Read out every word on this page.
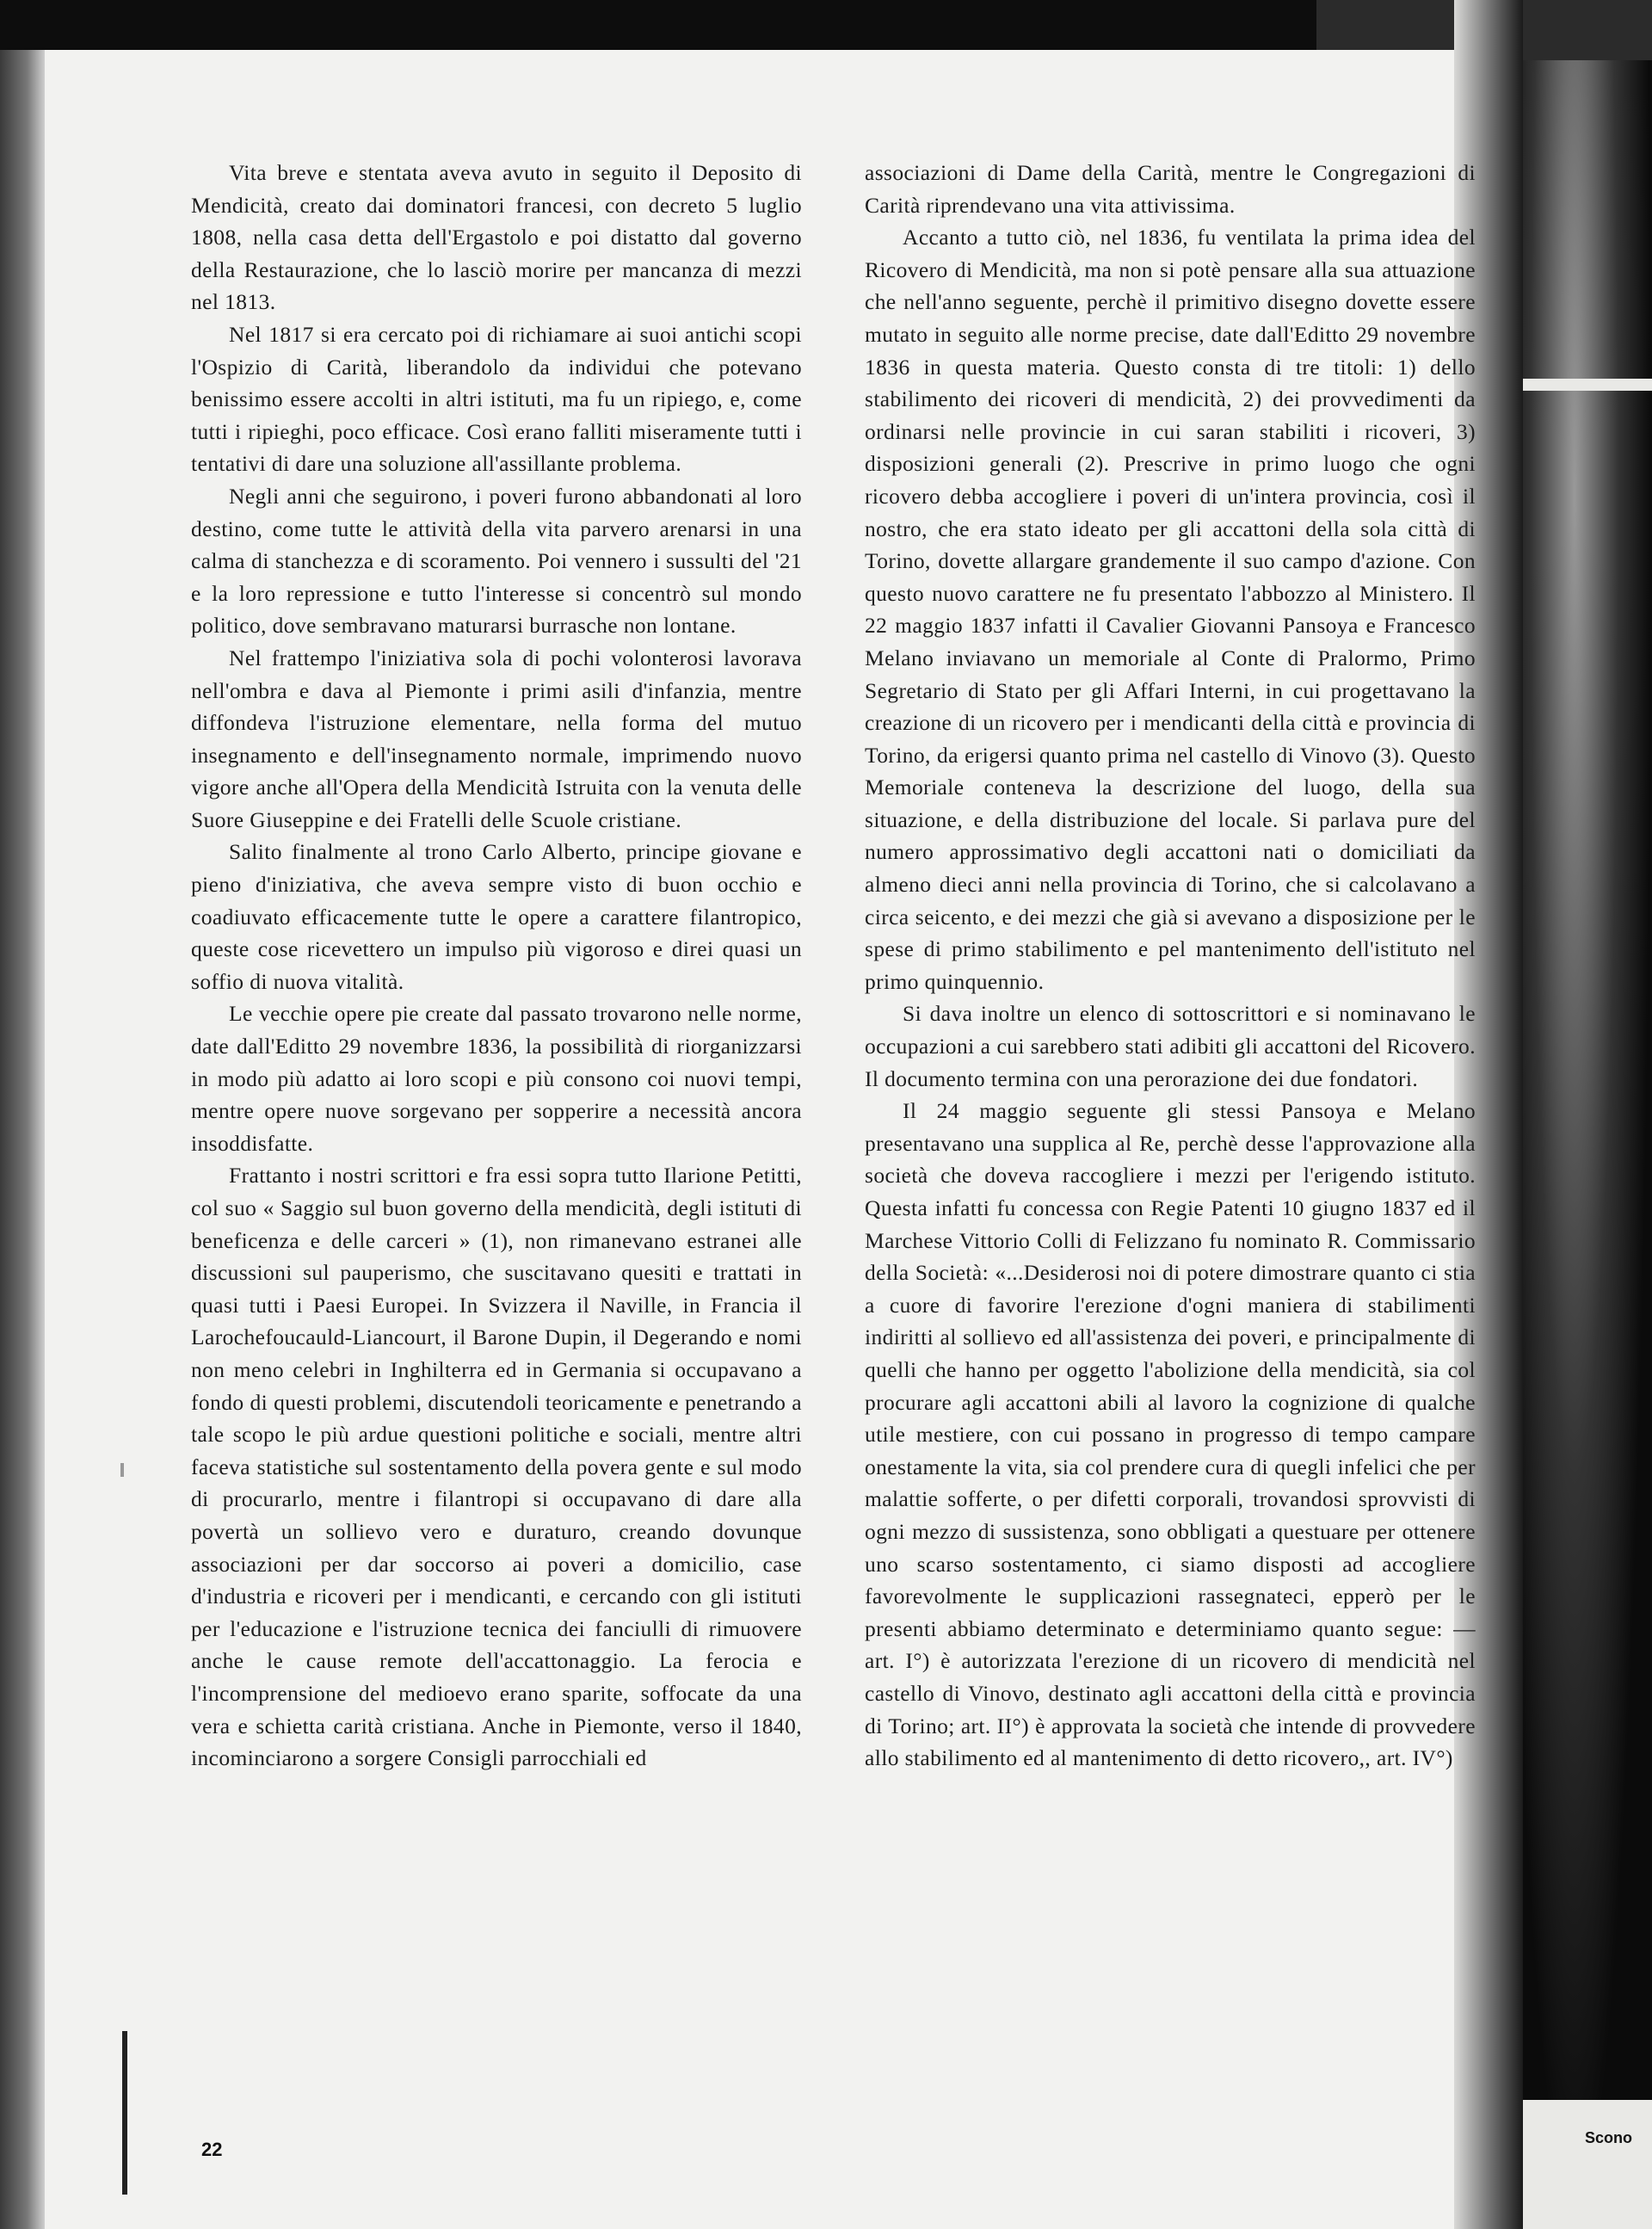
Scono

Vita breve e stentata aveva avuto in seguito il Deposito di Mendicità, creato dai dominatori francesi, con decreto 5 luglio 1808, nella casa detta dell'Ergastolo e poi distatto dal governo della Restaurazione, che lo lasciò morire per mancanza di mezzi nel 1813.

Nel 1817 si era cercato poi di richiamare ai suoi antichi scopi l'Ospizio di Carità, liberandolo da individui che potevano benissimo essere accolti in altri istituti, ma fu un ripiego, e, come tutti i ripieghi, poco efficace. Così erano falliti miseramente tutti i tentativi di dare una soluzione all'assillante problema.

Negli anni che seguirono, i poveri furono abbandonati al loro destino, come tutte le attività della vita parvero arenarsi in una calma di stanchezza e di scoramento. Poi vennero i sussulti del '21 e la loro repressione e tutto l'interesse si concentrò sul mondo politico, dove sembravano maturarsi burrasche non lontane.

Nel frattempo l'iniziativa sola di pochi volonterosi lavorava nell'ombra e dava al Piemonte i primi asili d'infanzia, mentre diffondeva l'istruzione elementare, nella forma del mutuo insegnamento e dell'insegnamento normale, imprimendo nuovo vigore anche all'Opera della Mendicità Istruita con la venuta delle Suore Giuseppine e dei Fratelli delle Scuole cristiane.

Salito finalmente al trono Carlo Alberto, principe giovane e pieno d'iniziativa, che aveva sempre visto di buon occhio e coadiuvato efficacemente tutte le opere a carattere filantropico, queste cose ricevettero un impulso più vigoroso e direi quasi un soffio di nuova vitalità.

Le vecchie opere pie create dal passato trovarono nelle norme, date dall'Editto 29 novembre 1836, la possibilità di riorganizzarsi in modo più adatto ai loro scopi e più consono coi nuovi tempi, mentre opere nuove sorgevano per sopperire a necessità ancora insoddisfatte.

Frattanto i nostri scrittori e fra essi sopra tutto Ilarione Petitti, col suo « Saggio sul buon governo della mendicità, degli istituti di beneficenza e delle carceri » (1), non rimanevano estranei alle discussioni sul pauperismo, che suscitavano quesiti e trattati in quasi tutti i Paesi Europei. In Svizzera il Naville, in Francia il Larochefoucauld-Liancourt, il Barone Dupin, il Degerando e nomi non meno celebri in Inghilterra ed in Germania si occupavano a fondo di questi problemi, discutendoli teoricamente e penetrando a tale scopo le più ardue questioni politiche e sociali, mentre altri faceva statistiche sul sostentamento della povera gente e sul modo di procurarlo, mentre i filantropi si occupavano di dare alla povertà un sollievo vero e duraturo, creando dovunque associazioni per dar soccorso ai poveri a domicilio, case d'industria e ricoveri per i mendicanti, e cercando con gli istituti per l'educazione e l'istruzione tecnica dei fanciulli di rimuovere anche le cause remote dell'accattonaggio. La ferocia e l'incomprensione del medioevo erano sparite, soffocate da una vera e schietta carità cristiana. Anche in Piemonte, verso il 1840, incominciarono a sorgere Consigli parrocchiali ed

associazioni di Dame della Carità, mentre le Congregazioni di Carità riprendevano una vita attivissima.

Accanto a tutto ciò, nel 1836, fu ventilata la prima idea del Ricovero di Mendicità, ma non si potè pensare alla sua attuazione che nell'anno seguente, perchè il primitivo disegno dovette essere mutato in seguito alle norme precise, date dall'Editto 29 novembre 1836 in questa materia. Questo consta di tre titoli: 1) dello stabilimento dei ricoveri di mendicità, 2) dei provvedimenti da ordinarsi nelle provincie in cui saran stabiliti i ricoveri, 3) disposizioni generali (2). Prescrive in primo luogo che ogni ricovero debba accogliere i poveri di un'intera provincia, così il nostro, che era stato ideato per gli accattoni della sola città di Torino, dovette allargare grandemente il suo campo d'azione. Con questo nuovo carattere ne fu presentato l'abbozzo al Ministero. Il 22 maggio 1837 infatti il Cavalier Giovanni Pansoya e Francesco Melano inviavano un memoriale al Conte di Pralormo, Primo Segretario di Stato per gli Affari Interni, in cui progettavano la creazione di un ricovero per i mendicanti della città e provincia di Torino, da erigersi quanto prima nel castello di Vinovo (3). Questo Memoriale conteneva la descrizione del luogo, della sua situazione, e della distribuzione del locale. Si parlava pure del numero approssimativo degli accattoni nati o domiciliati da almeno dieci anni nella provincia di Torino, che si calcolavano a circa seicento, e dei mezzi che già si avevano a disposizione per le spese di primo stabilimento e pel mantenimento dell'istituto nel primo quinquennio.

Si dava inoltre un elenco di sottoscrittori e si nominavano le occupazioni a cui sarebbero stati adibiti gli accattoni del Ricovero. Il documento termina con una perorazione dei due fondatori.

Il 24 maggio seguente gli stessi Pansoya e Melano presentavano una supplica al Re, perchè desse l'approvazione alla società che doveva raccogliere i mezzi per l'erigendo istituto. Questa infatti fu concessa con Regie Patenti 10 giugno 1837 ed il Marchese Vittorio Colli di Felizzano fu nominato R. Commissario della Società: «...Desiderosi noi di potere dimostrare quanto ci stia a cuore di favorire l'erezione d'ogni maniera di stabilimenti indiritti al sollievo ed all'assistenza dei poveri, e principalmente di quelli che hanno per oggetto l'abolizione della mendicità, sia col procurare agli accattoni abili al lavoro la cognizione di qualche utile mestiere, con cui possano in progresso di tempo campare onestamente la vita, sia col prendere cura di quegli infelici che per malattie sofferte, o per difetti corporali, trovandosi sprovvisti di ogni mezzo di sussistenza, sono obbligati a questuare per ottenere uno scarso sostentamento, ci siamo disposti ad accogliere favorevolmente le supplicazioni rassegnateci, epperò per le presenti abbiamo determinato e determiniamo quanto segue: — art. I°) è autorizzata l'erezione di un ricovero di mendicità nel castello di Vinovo, destinato agli accattoni della città e provincia di Torino; art. II°) è approvata la società che intende di provvedere allo stabilimento ed al mantenimento di detto ricovero,, art. IV°)

22
